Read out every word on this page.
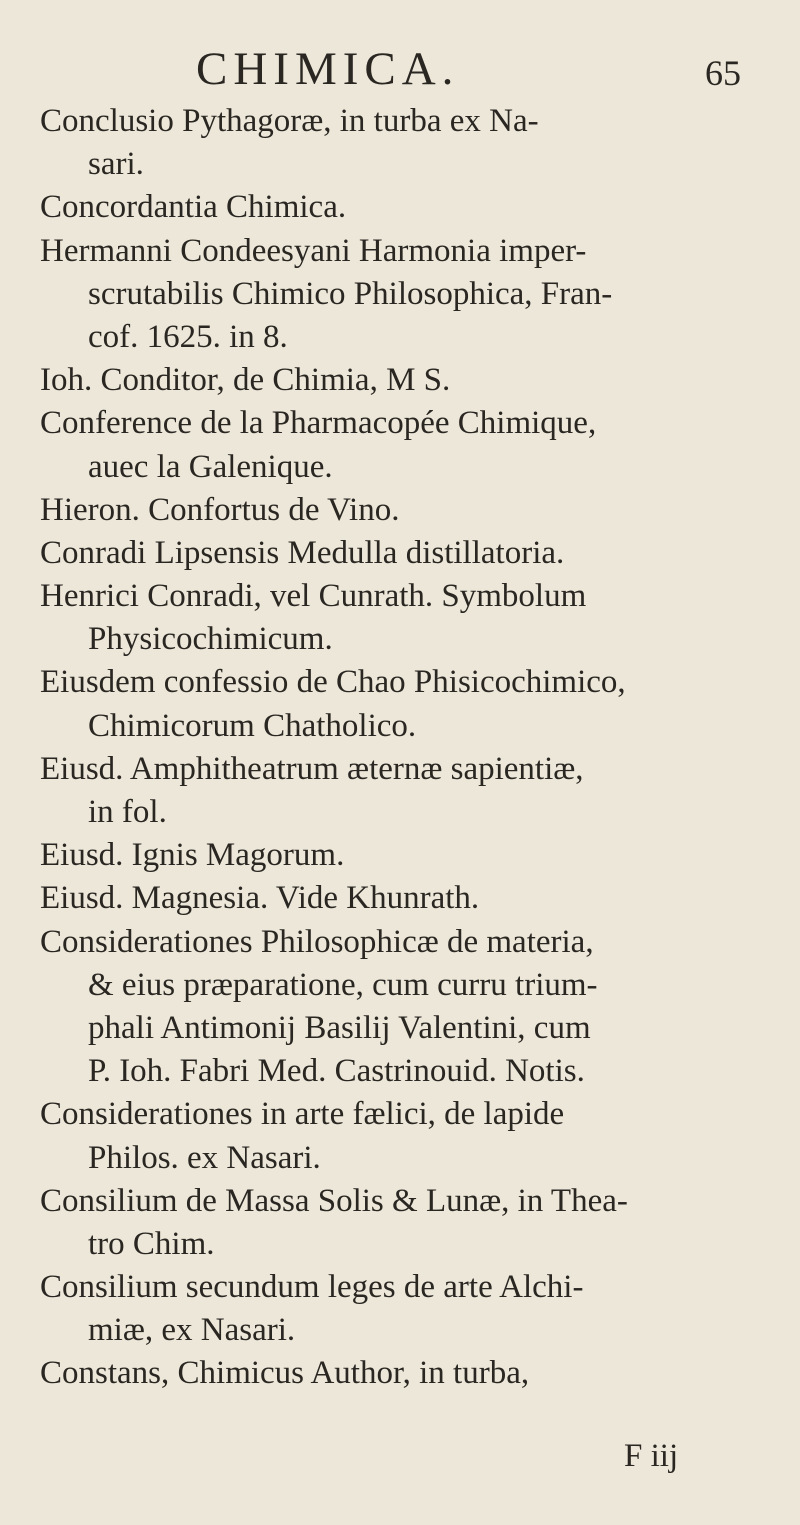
CHIMICA.	65
Conclusio Pythagoræ, in turba ex Na-
sari.
Concordantia Chimica.
Hermanni Condeesyani Harmonia imper-
scrutabilis Chimico Philosophica, Fran-
cof. 1625. in 8.
Ioh. Conditor, de Chimia, M S.
Conference de la Pharmacopée Chimique,
auec la Galenique.
Hieron. Confortus de Vino.
Conradi Lipsensis Medulla distillatoria.
Henrici Conradi, vel Cunrath. Symbolum
Physicochimicum.
Eiusdem confessio de Chao Phisicochimico,
Chimicorum Chatholico.
Eiusd. Amphitheatrum æternæ sapientiæ,
in fol.
Eiusd. Ignis Magorum.
Eiusd. Magnesia. Vide Khunrath.
Considerationes Philosophicæ de materia,
& eius præparatione, cum curru trium-
phali Antimonij Basilij Valentini, cum
P. Ioh. Fabri Med. Castrinouid. Notis.
Considerationes in arte fælici, de lapide
Philos. ex Nasari.
Consilium de Massa Solis & Lunæ, in Thea-
tro Chim.
Consilium secundum leges de arte Alchi-
miæ, ex Nasari.
Constans, Chimicus Author, in turba,
F iij
